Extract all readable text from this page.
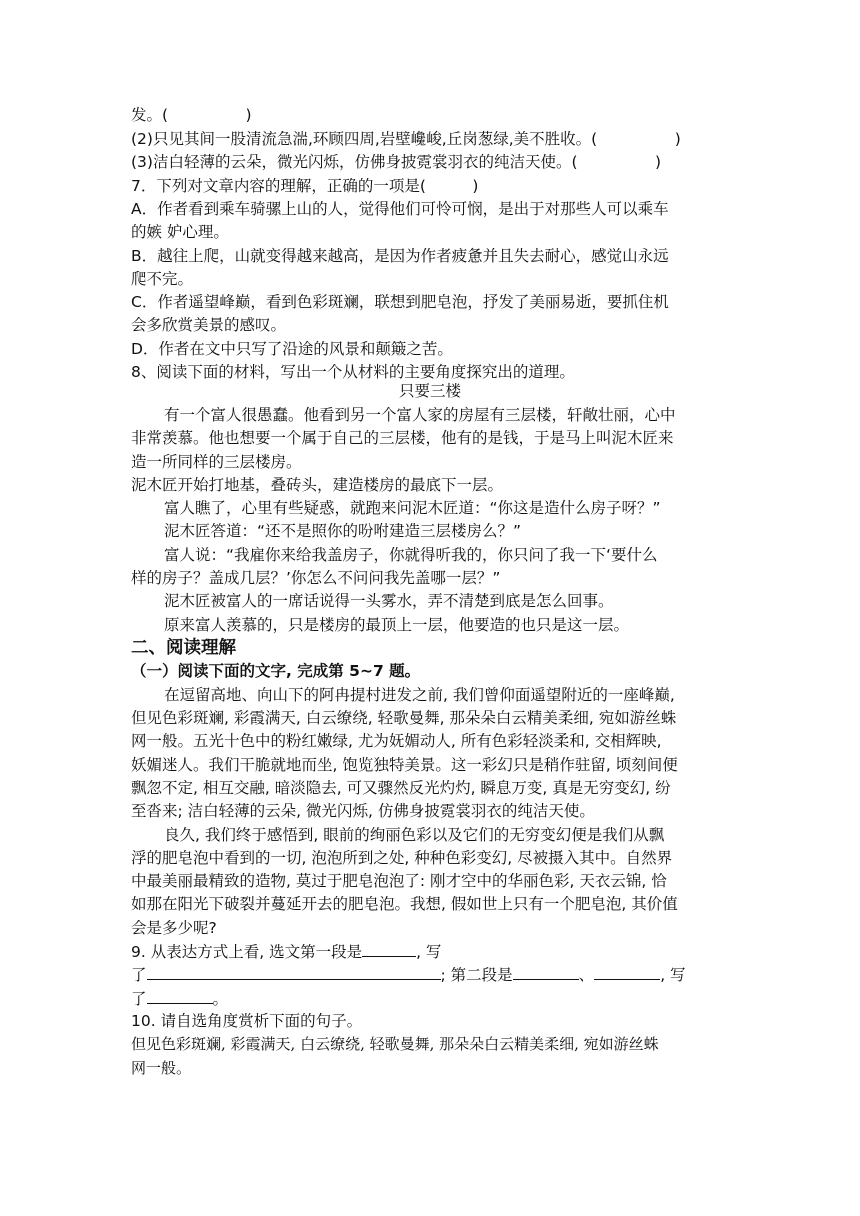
发。(　　　　　)
(2)只见其间一股清流急湍,环顾四周,岩壁巉峻,丘岗葱绿,美不胜收。(　　　　　)
(3)洁白轻薄的云朵，微光闪烁，仿佛身披霓裳羽衣的纯洁天使。(　　　　　)
7．下列对文章内容的理解，正确的一项是(　　　)
A．作者看到乘车骑骡上山的人，觉得他们可怜可悯，是出于对那些人可以乘车
的嫉 妒心理。
B．越往上爬，山就变得越来越高，是因为作者疲惫并且失去耐心，感觉山永远
爬不完。
C．作者遥望峰巅，看到色彩斑斓，联想到肥皂泡，抒发了美丽易逝，要抓住机
会多欣赏美景的感叹。
D．作者在文中只写了沿途的风景和颠簸之苦。
8、阅读下面的材料，写出一个从材料的主要角度探究出的道理。
只要三楼
有一个富人很愚蠢。他看到另一个富人家的房屋有三层楼，轩敞壮丽，心中
非常羡慕。他也想要一个属于自己的三层楼，他有的是钱，于是马上叫泥木匠来
造一所同样的三层楼房。
泥木匠开始打地基，叠砖头，建造楼房的最底下一层。
富人瞧了，心里有些疑惑，就跑来问泥木匠道：“你这是造什么房子呀？”
泥木匠答道：“还不是照你的吩咐建造三层楼房么？”
富人说：“我雇你来给我盖房子，你就得听我的，你只问了我一下‘要什么
样的房子？盖成几层？’你怎么不问问我先盖哪一层？”
泥木匠被富人的一席话说得一头雾水，弄不清楚到底是怎么回事。
原来富人羡慕的，只是楼房的最顶上一层，他要造的也只是这一层。
二、阅读理解
（一）阅读下面的文字, 完成第 5~7 题。
在逗留高地、向山下的阿冉提村进发之前, 我们曾仰面遥望附近的一座峰巅,
但见色彩斑斓, 彩霞满天, 白云缭绕, 轻歌曼舞, 那朵朵白云精美柔细, 宛如游丝蛛
网一般。五光十色中的粉红嫩绿, 尤为妩媚动人, 所有色彩轻淡柔和, 交相辉映,
妖媚迷人。我们干脆就地而坐, 饱览独特美景。这一彩幻只是稍作驻留, 顷刻间便
飘忽不定, 相互交融, 暗淡隐去, 可又骤然反光灼灼, 瞬息万变, 真是无穷变幻, 纷
至沓来; 洁白轻薄的云朵, 微光闪烁, 仿佛身披霓裳羽衣的纯洁天使。
良久, 我们终于感悟到, 眼前的绚丽色彩以及它们的无穷变幻便是我们从飘
浮的肥皂泡中看到的一切, 泡泡所到之处, 种种色彩变幻, 尽被摄入其中。自然界
中最美丽最精致的造物, 莫过于肥皂泡泡了: 刚才空中的华丽色彩, 天衣云锦, 恰
如那在阳光下破裂并蔓延开去的肥皂泡。我想, 假如世上只有一个肥皂泡, 其价值
会是多少呢?
9. 从表达方式上看, 选文第一段是	, 写
了	; 第二段是	、	, 写
了	。
10. 请自选角度赏析下面的句子。
但见色彩斑斓, 彩霞满天, 白云缭绕, 轻歌曼舞, 那朵朵白云精美柔细, 宛如游丝蛛
网一般。
